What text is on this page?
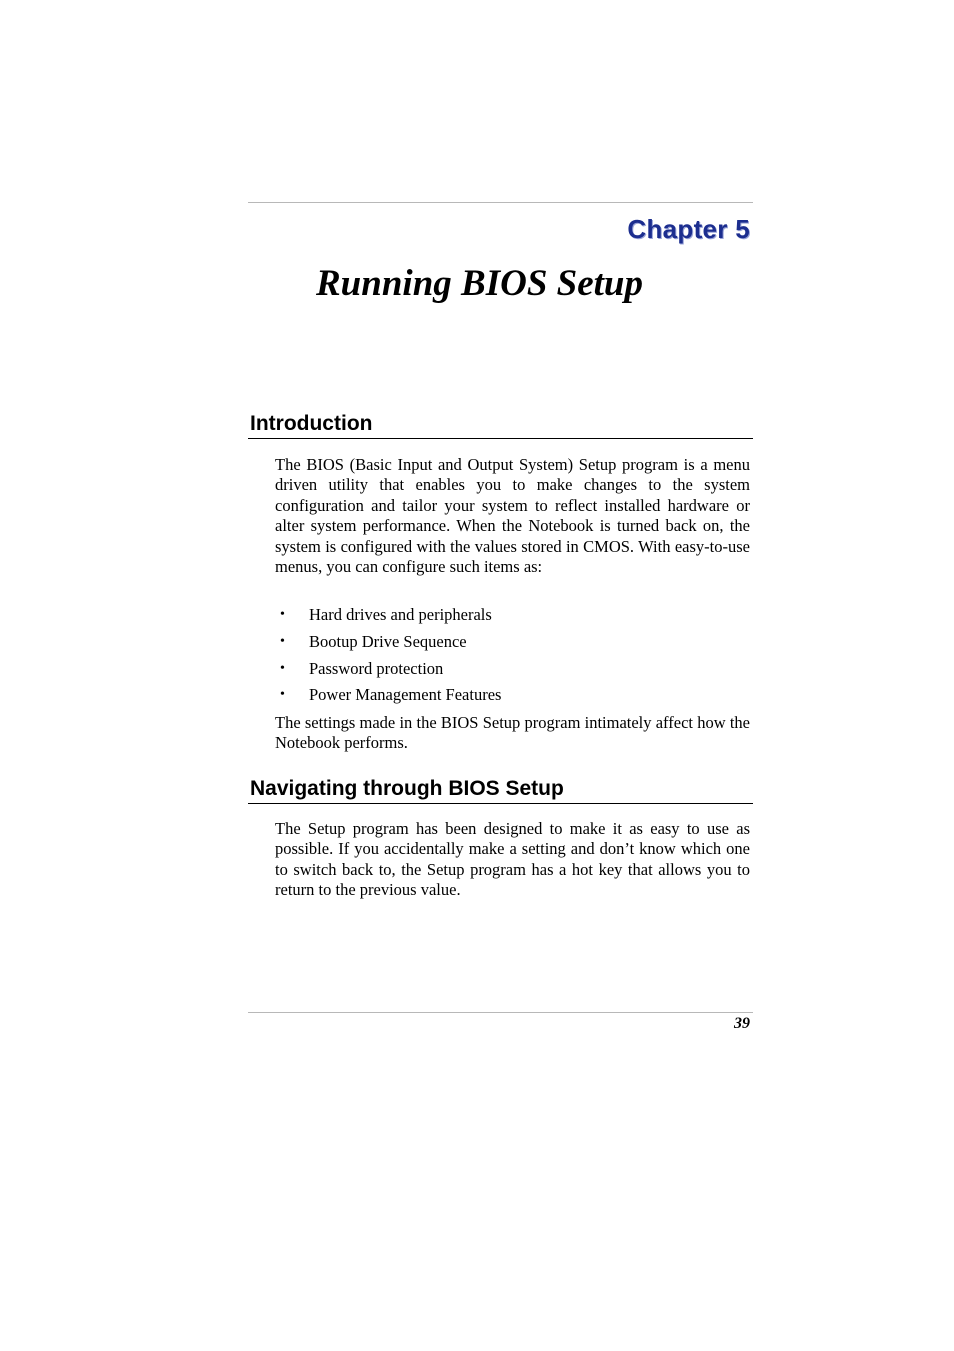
Chapter 5
Running BIOS Setup
Introduction

The BIOS (Basic Input and Output System) Setup program is a menu driven utility that enables you to make changes to the system configuration and tailor your system to reflect installed hardware or alter system performance. When the Notebook is turned back on, the system is configured with the values stored in CMOS. With easy-to-use menus, you can configure such items as:

• Hard drives and peripherals
• Bootup Drive Sequence
• Password protection
• Power Management Features

The settings made in the BIOS Setup program intimately affect how the Notebook performs.

Navigating through BIOS Setup

The Setup program has been designed to make it as easy to use as possible. If you accidentally make a setting and don’t know which one to switch back to, the Setup program has a hot key that allows you to return to the previous value.

39
